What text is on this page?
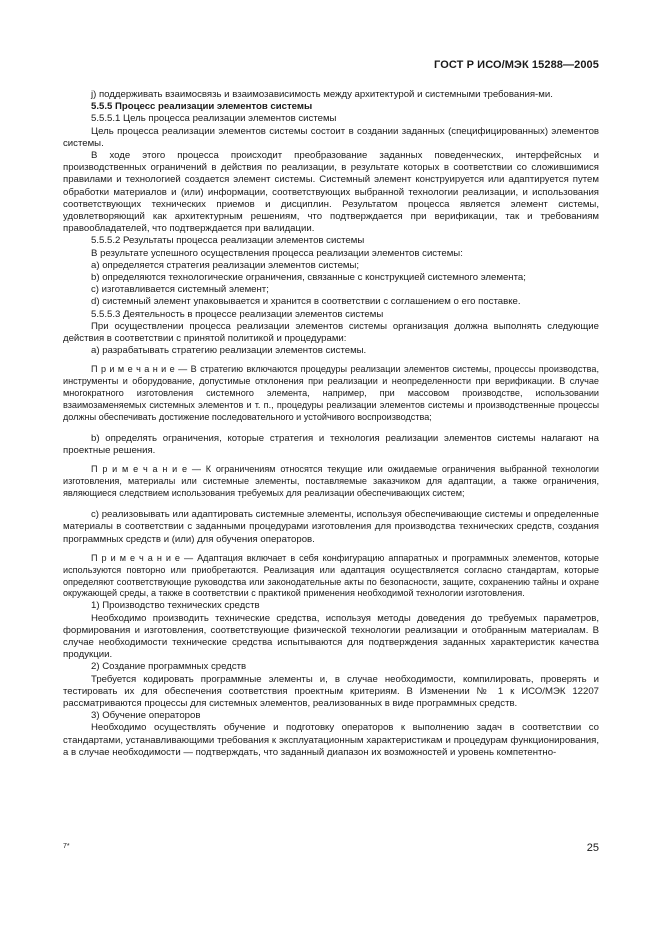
ГОСТ Р ИСО/МЭК 15288—2005

j) поддерживать взаимосвязь и взаимозависимость между архитектурой и системными требования-ми.

5.5.5 Процесс реализации элементов системы

5.5.5.1 Цель процесса реализации элементов системы

Цель процесса реализации элементов системы состоит в создании заданных (специфицированных) элементов системы.

В ходе этого процесса происходит преобразование заданных поведенческих, интерфейсных и производственных ограничений в действия по реализации, в результате которых в соответствии со сложившимися правилами и технологией создается элемент системы. Системный элемент конструируется или адаптируется путем обработки материалов и (или) информации, соответствующих выбранной технологии реализации, и использования соответствующих технических приемов и дисциплин. Результатом процесса является элемент системы, удовлетворяющий как архитектурным решениям, что подтверждается при верификации, так и требованиям правообладателей, что подтверждается при валидации.

5.5.5.2 Результаты процесса реализации элементов системы

В результате успешного осуществления процесса реализации элементов системы:

a) определяется стратегия реализации элементов системы;

b) определяются технологические ограничения, связанные с конструкцией системного элемента;

c) изготавливается системный элемент;

d) системный элемент упаковывается и хранится в соответствии с соглашением о его поставке.

5.5.5.3 Деятельность в процессе реализации элементов системы

При осуществлении процесса реализации элементов системы организация должна выполнять следующие действия в соответствии с принятой политикой и процедурами:

a) разрабатывать стратегию реализации элементов системы.

П р и м е ч а н и е — В стратегию включаются процедуры реализации элементов системы, процессы производства, инструменты и оборудование, допустимые отклонения при реализации и неопределенности при верификации. В случае многократного изготовления системного элемента, например, при массовом производстве, использовании взаимозаменяемых системных элементов и т. п., процедуры реализации элементов системы и производственные процессы должны обеспечивать достижение последовательного и устойчивого воспроизводства;

b) определять ограничения, которые стратегия и технология реализации элементов системы налагают на проектные решения.

П р и м е ч а н и е — К ограничениям относятся текущие или ожидаемые ограничения выбранной технологии изготовления, материалы или системные элементы, поставляемые заказчиком для адаптации, а также ограничения, являющиеся следствием использования требуемых для реализации обеспечивающих систем;

c) реализовывать или адаптировать системные элементы, используя обеспечивающие системы и определенные материалы в соответствии с заданными процедурами изготовления для производства технических средств, создания программных средств и (или) для обучения операторов.

П р и м е ч а н и е — Адаптация включает в себя конфигурацию аппаратных и программных элементов, которые используются повторно или приобретаются. Реализация или адаптация осуществляется согласно стандартам, которые определяют соответствующие руководства или законодательные акты по безопасности, защите, сохранению тайны и охране окружающей среды, а также в соответствии с практикой применения необходимой технологии изготовления.

1) Производство технических средств

Необходимо производить технические средства, используя методы доведения до требуемых параметров, формирования и изготовления, соответствующие физической технологии реализации и отобранным материалам. В случае необходимости технические средства испытываются для подтверждения заданных характеристик качества продукции.

2) Создание программных средств

Требуется кодировать программные элементы и, в случае необходимости, компилировать, проверять и тестировать их для обеспечения соответствия проектным критериям. В Изменении № 1 к ИСО/МЭК 12207 рассматриваются процессы для системных элементов, реализованных в виде программных средств.

3) Обучение операторов

Необходимо осуществлять обучение и подготовку операторов к выполнению задач в соответствии со стандартами, устанавливающими требования к эксплуатационным характеристикам и процедурам функционирования, а в случае необходимости — подтверждать, что заданный диапазон их возможностей и уровень компетентно-

7*	25
